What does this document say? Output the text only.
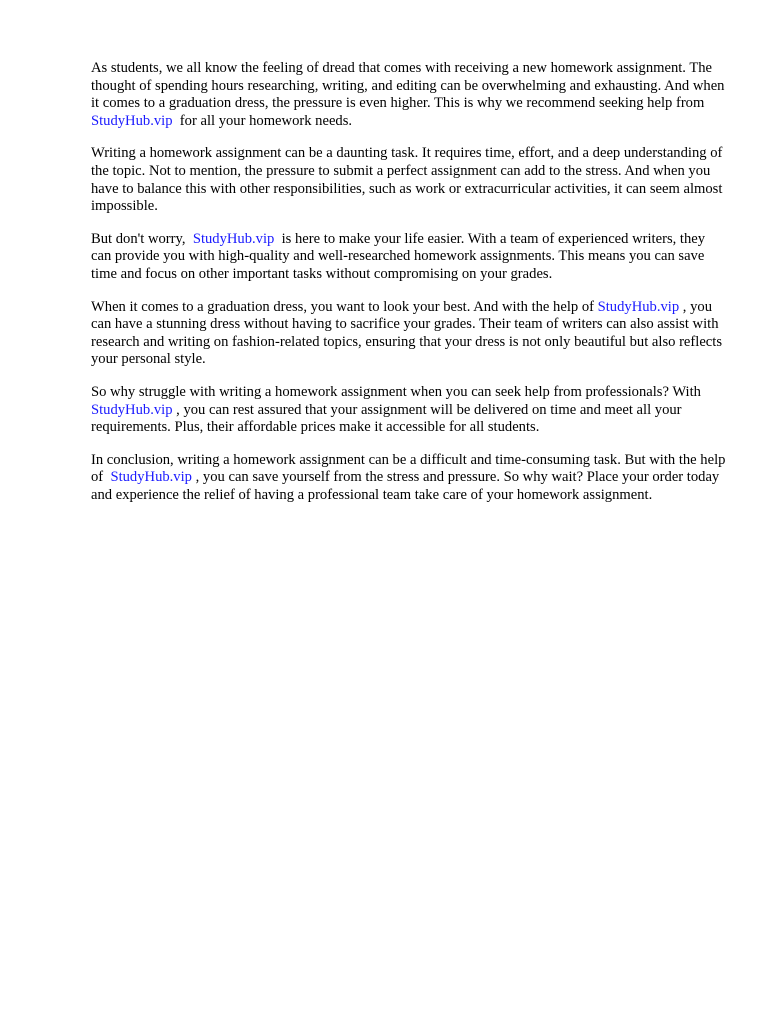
As students, we all know the feeling of dread that comes with receiving a new homework assignment. The thought of spending hours researching, writing, and editing can be overwhelming and exhausting. And when it comes to a graduation dress, the pressure is even higher. This is why we recommend seeking help from  StudyHub.vip  for all your homework needs.

Writing a homework assignment can be a daunting task. It requires time, effort, and a deep understanding of the topic. Not to mention, the pressure to submit a perfect assignment can add to the stress. And when you have to balance this with other responsibilities, such as work or extracurricular activities, it can seem almost impossible.

But don't worry,  StudyHub.vip  is here to make your life easier. With a team of experienced writers, they can provide you with high-quality and well-researched homework assignments. This means you can save time and focus on other important tasks without compromising on your grades.

When it comes to a graduation dress, you want to look your best. And with the help of StudyHub.vip , you can have a stunning dress without having to sacrifice your grades. Their team of writers can also assist with research and writing on fashion-related topics, ensuring that your dress is not only beautiful but also reflects your personal style.

So why struggle with writing a homework assignment when you can seek help from professionals? With  StudyHub.vip , you can rest assured that your assignment will be delivered on time and meet all your requirements. Plus, their affordable prices make it accessible for all students.

In conclusion, writing a homework assignment can be a difficult and time-consuming task. But with the help of  StudyHub.vip , you can save yourself from the stress and pressure. So why wait? Place your order today and experience the relief of having a professional team take care of your homework assignment.
